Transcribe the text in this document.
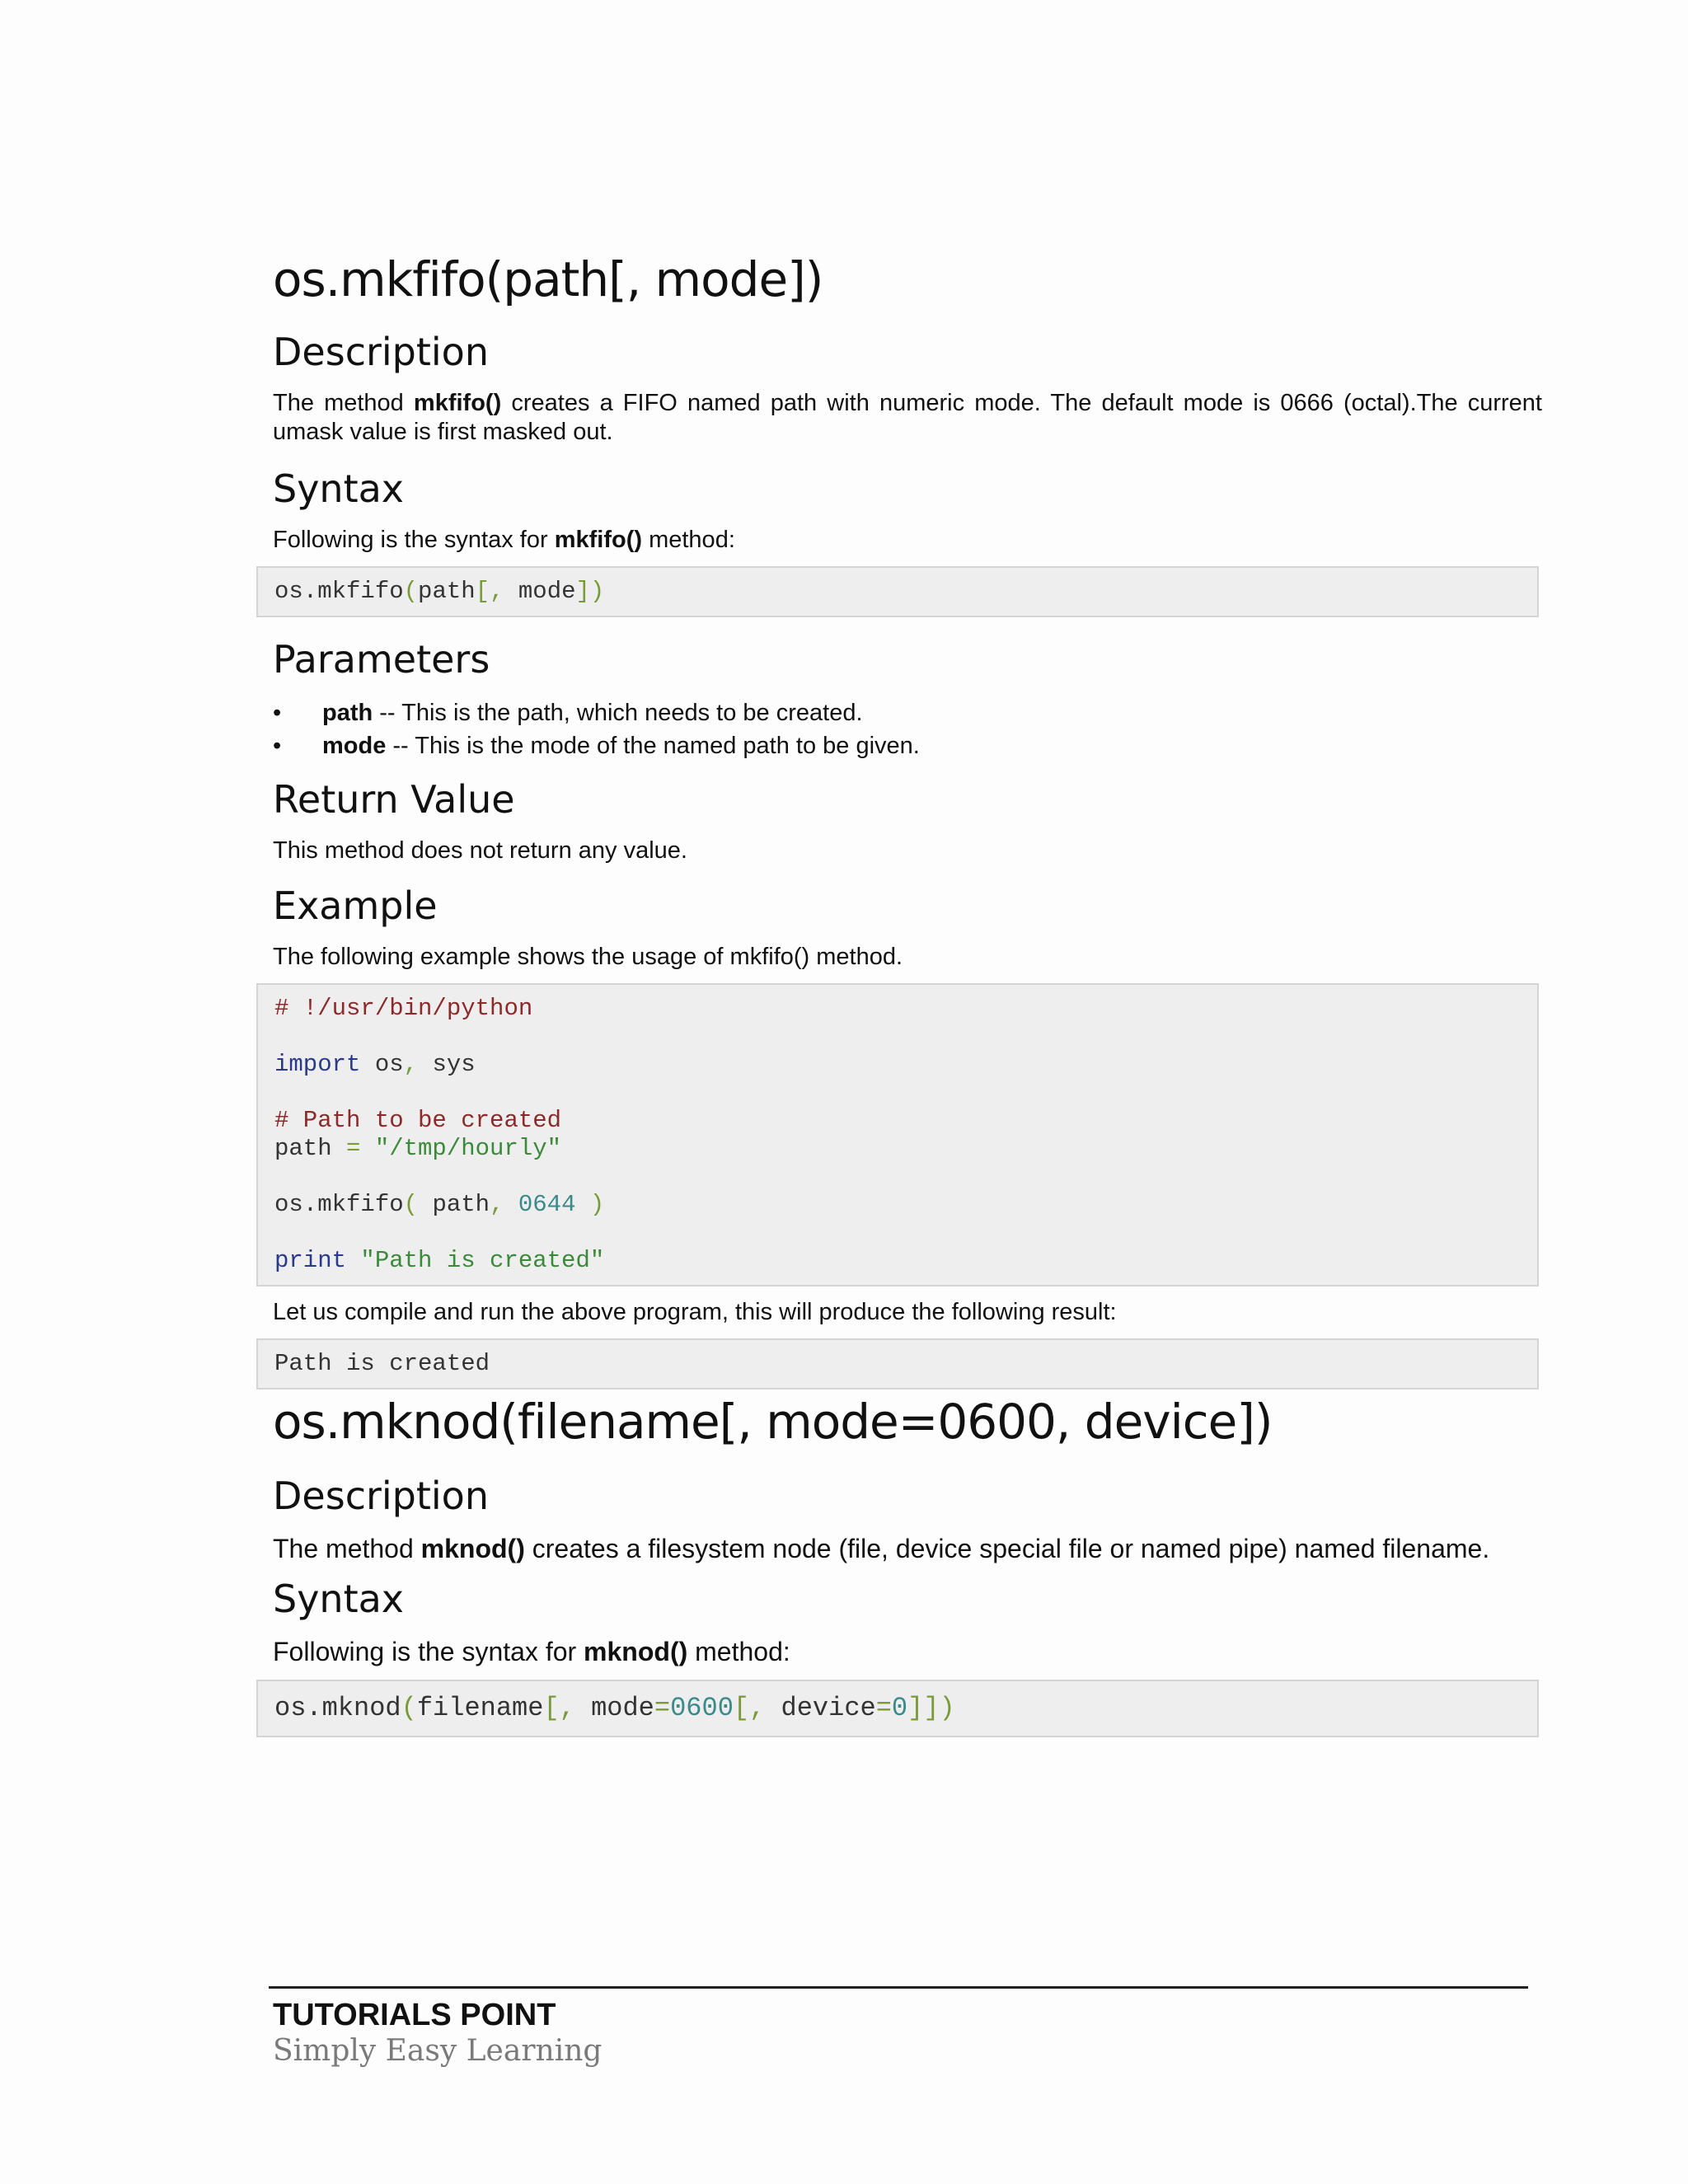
os.mkfifo(path[, mode])
Description

The method mkfifo() creates a FIFO named path with numeric mode. The default mode is 0666 (octal).The current umask value is first masked out.

Syntax

Following is the syntax for mkfifo() method:

os.mkfifo(path[, mode])
Parameters
• path -- This is the path, which needs to be created.
• mode -- This is the mode of the named path to be given.
Return Value

This method does not return any value.

Example

The following example shows the usage of mkfifo() method.

# !/usr/bin/python

import os, sys

# Path to be created
path = "/tmp/hourly"

os.mkfifo( path, 0644 )

print "Path is created"

Let us compile and run the above program, this will produce the following result:

Path is created
os.mknod(filename[, mode=0600, device])
Description

The method mknod() creates a filesystem node (file, device special file or named pipe) named filename.

Syntax

Following is the syntax for mknod() method:

os.mknod(filename[, mode=0600[, device=0]])
TUTORIALS POINT
Simply Easy Learning
